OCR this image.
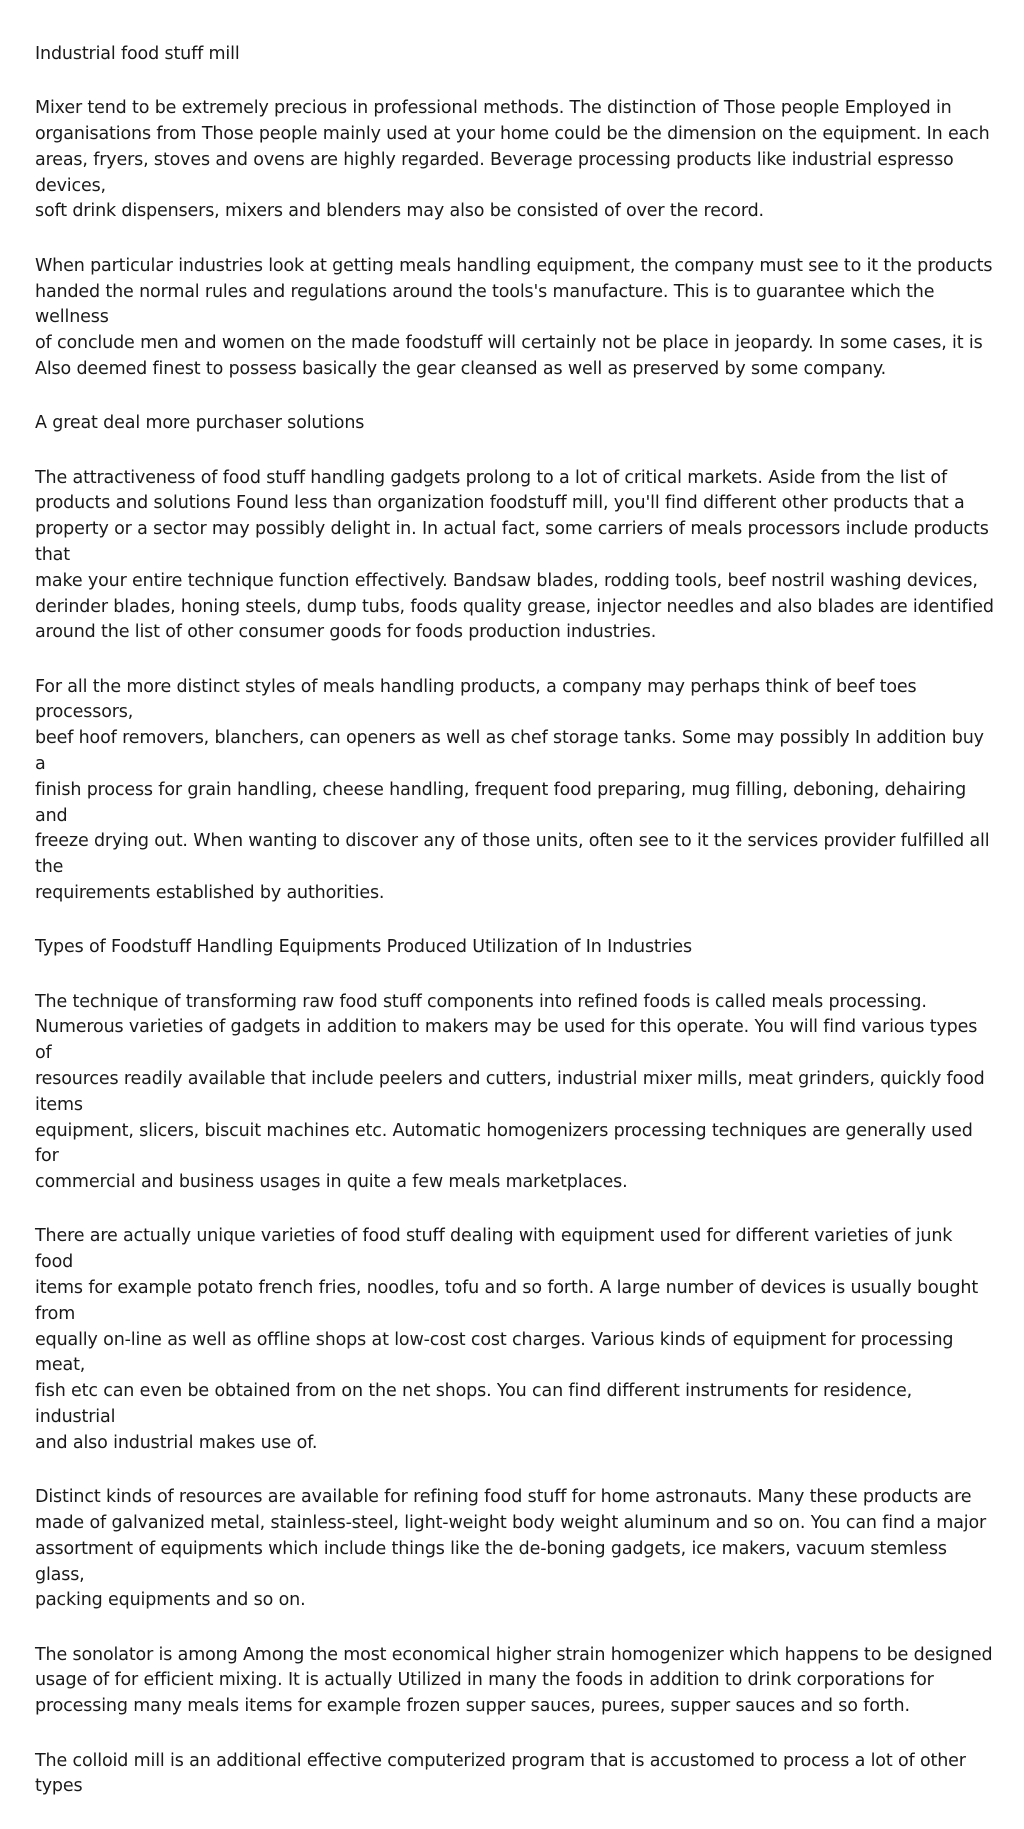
Industrial food stuff mill

Mixer tend to be extremely precious in professional methods. The distinction of Those people Employed in
organisations from Those people mainly used at your home could be the dimension on the equipment. In each
areas, fryers, stoves and ovens are highly regarded. Beverage processing products like industrial espresso devices,
soft drink dispensers, mixers and blenders may also be consisted of over the record.

When particular industries look at getting meals handling equipment, the company must see to it the products
handed the normal rules and regulations around the tools's manufacture. This is to guarantee which the wellness
of conclude men and women on the made foodstuff will certainly not be place in jeopardy. In some cases, it is
Also deemed finest to possess basically the gear cleansed as well as preserved by some company.

A great deal more purchaser solutions

The attractiveness of food stuff handling gadgets prolong to a lot of critical markets. Aside from the list of
products and solutions Found less than organization foodstuff mill, you'll find different other products that a
property or a sector may possibly delight in. In actual fact, some carriers of meals processors include products that
make your entire technique function effectively. Bandsaw blades, rodding tools, beef nostril washing devices,
derinder blades, honing steels, dump tubs, foods quality grease, injector needles and also blades are identified
around the list of other consumer goods for foods production industries.

For all the more distinct styles of meals handling products, a company may perhaps think of beef toes processors,
beef hoof removers, blanchers, can openers as well as chef storage tanks. Some may possibly In addition buy a
finish process for grain handling, cheese handling, frequent food preparing, mug filling, deboning, dehairing and
freeze drying out. When wanting to discover any of those units, often see to it the services provider fulfilled all the
requirements established by authorities.

Types of Foodstuff Handling Equipments Produced Utilization of In Industries

The technique of transforming raw food stuff components into refined foods is called meals processing.
Numerous varieties of gadgets in addition to makers may be used for this operate. You will find various types of
resources readily available that include peelers and cutters, industrial mixer mills, meat grinders, quickly food items
equipment, slicers, biscuit machines etc. Automatic homogenizers processing techniques are generally used for
commercial and business usages in quite a few meals marketplaces.

There are actually unique varieties of food stuff dealing with equipment used for different varieties of junk food
items for example potato french fries, noodles, tofu and so forth. A large number of devices is usually bought from
equally on-line as well as offline shops at low-cost cost charges. Various kinds of equipment for processing meat,
fish etc can even be obtained from on the net shops. You can find different instruments for residence, industrial
and also industrial makes use of.

Distinct kinds of resources are available for refining food stuff for home astronauts. Many these products are
made of galvanized metal, stainless-steel, light-weight body weight aluminum and so on. You can find a major
assortment of equipments which include things like the de-boning gadgets, ice makers, vacuum stemless glass,
packing equipments and so on.

The sonolator is among Among the most economical higher strain homogenizer which happens to be designed
usage of for efficient mixing. It is actually Utilized in many the foods in addition to drink corporations for
processing many meals items for example frozen supper sauces, purees, supper sauces and so forth.

The colloid mill is an additional effective computerized program that is accustomed to process a lot of other types
